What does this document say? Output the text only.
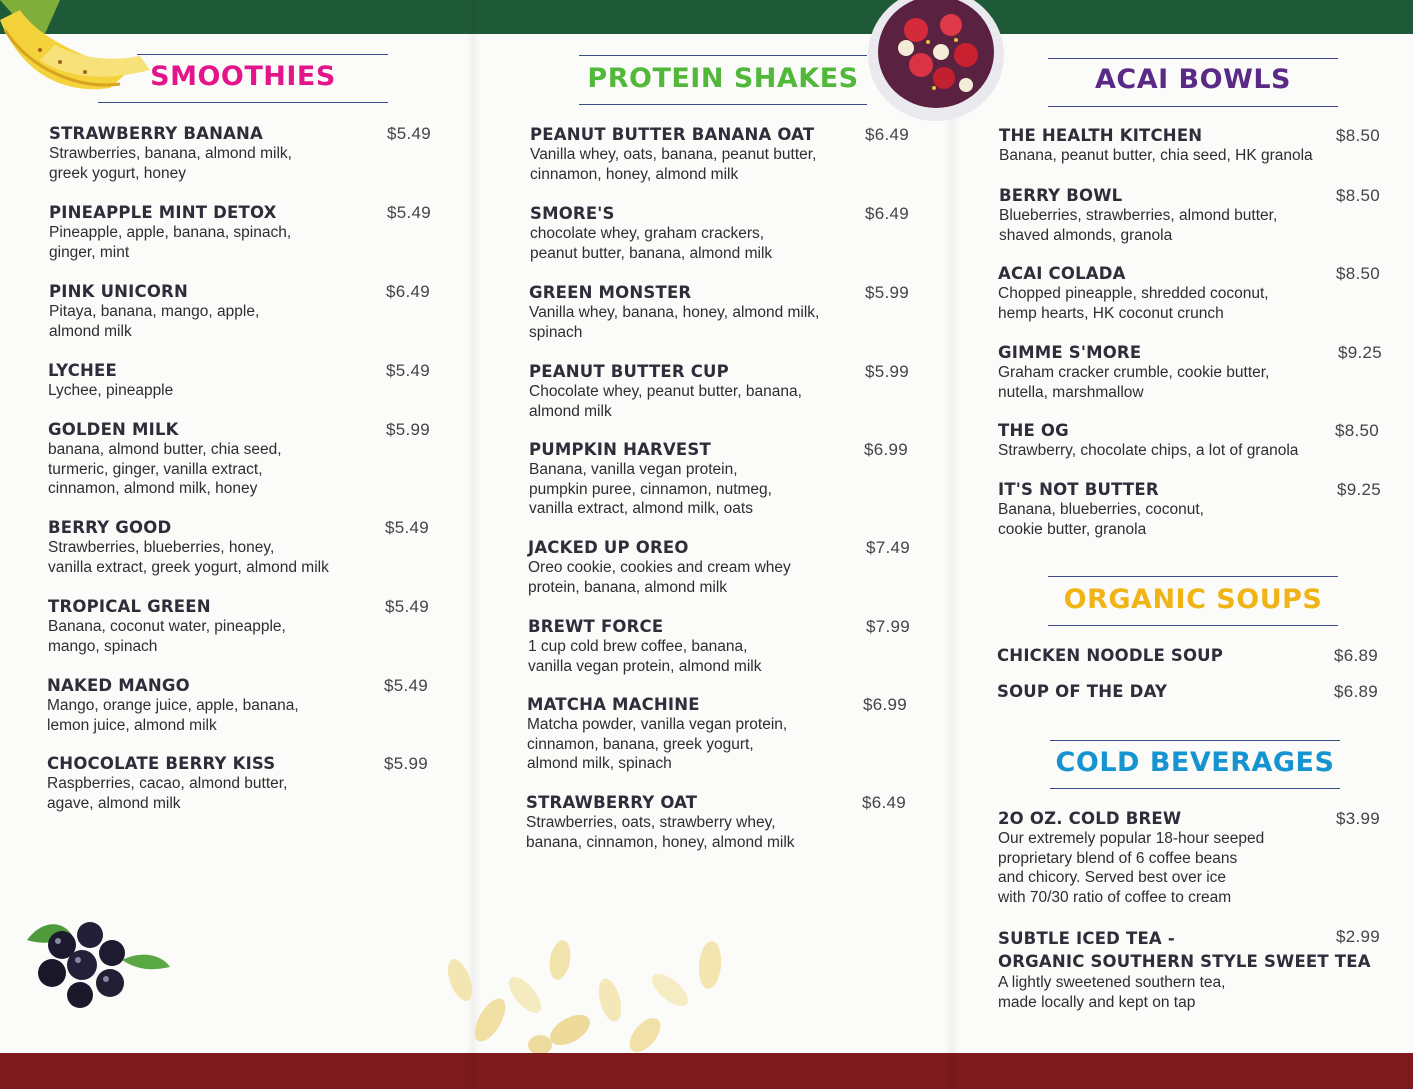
SMOOTHIES
STRAWBERRY BANANA
Strawberries, banana, almond milk,
greek yogurt, honey
$5.49
PINEAPPLE MINT DETOX
Pineapple, apple, banana, spinach,
ginger, mint
$5.49
PINK UNICORN
Pitaya, banana, mango, apple,
almond milk
$6.49
LYCHEE
Lychee, pineapple
$5.49
GOLDEN MILK
banana, almond butter, chia seed,
turmeric, ginger, vanilla extract,
cinnamon, almond milk, honey
$5.99
BERRY GOOD
Strawberries, blueberries, honey,
vanilla extract, greek yogurt, almond milk
$5.49
TROPICAL GREEN
Banana, coconut water, pineapple,
mango, spinach
$5.49
NAKED MANGO
Mango, orange juice, apple, banana,
lemon juice, almond milk
$5.49
CHOCOLATE BERRY KISS
Raspberries, cacao, almond butter,
agave, almond milk
$5.99
PROTEIN SHAKES
PEANUT BUTTER BANANA OAT
Vanilla whey, oats, banana, peanut butter,
cinnamon, honey, almond milk
$6.49
SMORE'S
chocolate whey, graham crackers,
peanut butter, banana, almond milk
$6.49
GREEN MONSTER
Vanilla whey, banana, honey, almond milk,
spinach
$5.99
PEANUT BUTTER CUP
Chocolate whey, peanut butter, banana,
almond milk
$5.99
PUMPKIN HARVEST
Banana, vanilla vegan protein,
pumpkin puree, cinnamon, nutmeg,
vanilla extract, almond milk, oats
$6.99
JACKED UP OREO
Oreo cookie, cookies and cream whey
protein, banana, almond milk
$7.49
BREWT FORCE
1 cup cold brew coffee, banana,
vanilla vegan protein, almond milk
$7.99
MATCHA MACHINE
Matcha powder, vanilla vegan protein,
cinnamon, banana, greek yogurt,
almond milk, spinach
$6.99
STRAWBERRY OAT
Strawberries, oats, strawberry whey,
banana, cinnamon, honey, almond milk
$6.49
ACAI BOWLS
THE HEALTH KITCHEN
Banana, peanut butter, chia seed, HK granola
$8.50
BERRY BOWL
Blueberries, strawberries, almond butter,
shaved almonds, granola
$8.50
ACAI COLADA
Chopped pineapple, shredded coconut,
hemp hearts, HK coconut crunch
$8.50
GIMME S'MORE
Graham cracker crumble, cookie butter,
nutella, marshmallow
$9.25
THE OG
Strawberry, chocolate chips, a lot of granola
$8.50
IT'S NOT BUTTER
Banana, blueberries, coconut,
cookie butter, granola
$9.25
ORGANIC SOUPS
CHICKEN NOODLE SOUP	$6.89
SOUP OF THE DAY	$6.89
COLD BEVERAGES
2O OZ. COLD BREW
Our extremely popular 18-hour seeped
proprietary blend of 6 coffee beans
and chicory. Served best over ice
with 70/30 ratio of coffee to cream
$3.99
SUBTLE ICED TEA -
ORGANIC SOUTHERN STYLE SWEET TEA
A lightly sweetened southern tea,
made locally and kept on tap
$2.99
